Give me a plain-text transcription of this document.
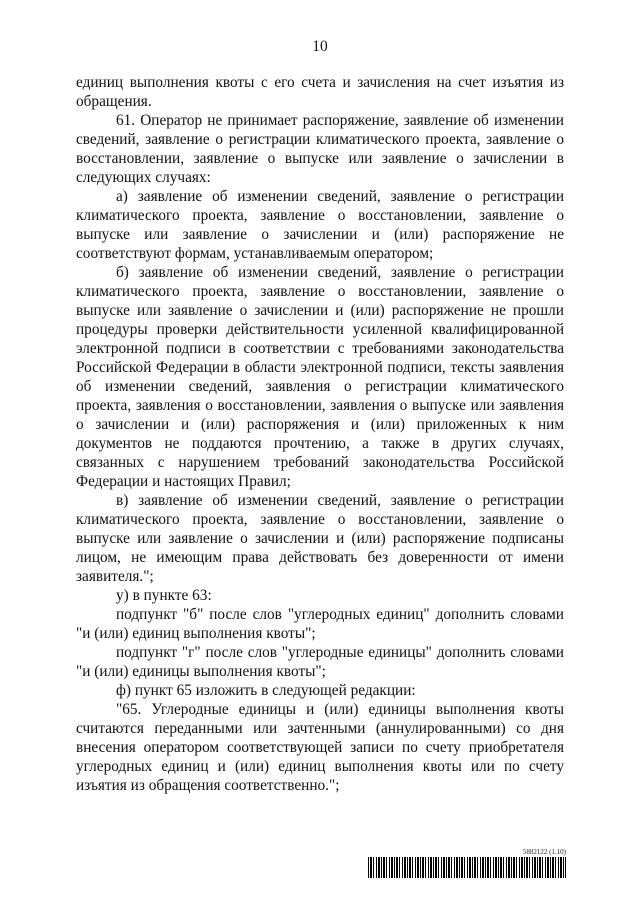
10

единиц выполнения квоты с его счета и зачисления на счет изъятия из обращения.

61. Оператор не принимает распоряжение, заявление об изменении сведений, заявление о регистрации климатического проекта, заявление о восстановлении, заявление о выпуске или заявление о зачислении в следующих случаях:

а) заявление об изменении сведений, заявление о регистрации климатического проекта, заявление о восстановлении, заявление о выпуске или заявление о зачислении и (или) распоряжение не соответствуют формам, устанавливаемым оператором;

б) заявление об изменении сведений, заявление о регистрации климатического проекта, заявление о восстановлении, заявление о выпуске или заявление о зачислении и (или) распоряжение не прошли процедуры проверки действительности усиленной квалифицированной электронной подписи в соответствии с требованиями законодательства Российской Федерации в области электронной подписи, тексты заявления об изменении сведений, заявления о регистрации климатического проекта, заявления о восстановлении, заявления о выпуске или заявления о зачислении и (или) распоряжения и (или) приложенных к ним документов не поддаются прочтению, а также в других случаях, связанных с нарушением требований законодательства Российской Федерации и настоящих Правил;

в) заявление об изменении сведений, заявление о регистрации климатического проекта, заявление о восстановлении, заявление о выпуске или заявление о зачислении и (или) распоряжение подписаны лицом, не имеющим права действовать без доверенности от имени заявителя.";

у) в пункте 63:

подпункт "б" после слов "углеродных единиц" дополнить словами "и (или) единиц выполнения квоты";

подпункт "г" после слов "углеродные единицы" дополнить словами "и (или) единицы выполнения квоты";

ф) пункт 65 изложить в следующей редакции:

"65. Углеродные единицы и (или) единицы выполнения квоты считаются переданными или зачтенными (аннулированными) со дня внесения оператором соответствующей записи по счету приобретателя углеродных единиц и (или) единиц выполнения квоты или по счету изъятия из обращения соответственно.";

5882122 (1.10)
